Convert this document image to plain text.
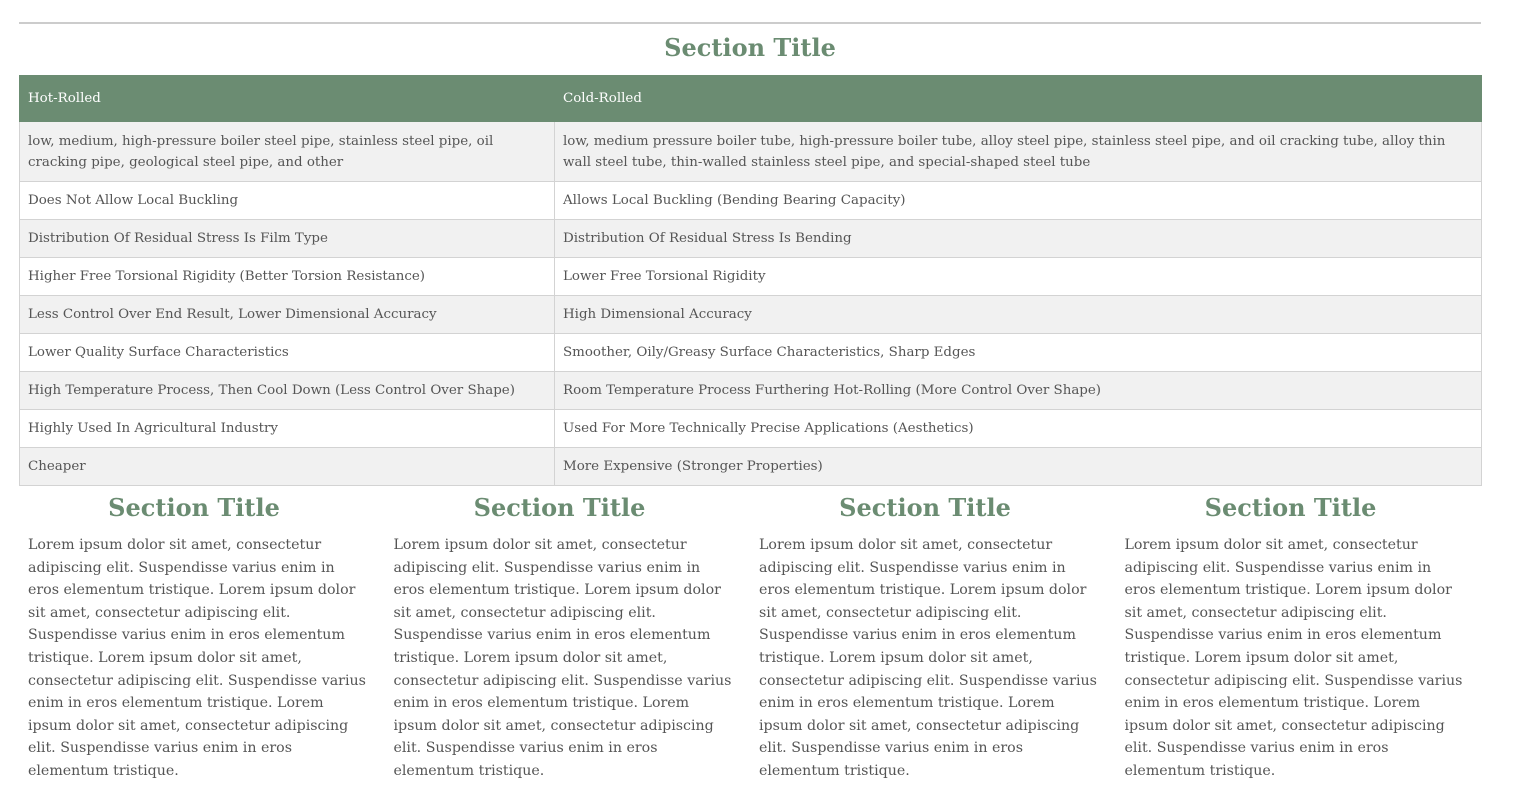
Section Title
Hot-Rolled	Cold-Rolled
low, medium, high-pressure boiler steel pipe, stainless steel pipe, oil cracking pipe, geological steel pipe, and other	low, medium pressure boiler tube, high-pressure boiler tube, alloy steel pipe, stainless steel pipe, and oil cracking tube, alloy thin wall steel tube, thin-walled stainless steel pipe, and special-shaped steel tube
Does Not Allow Local Buckling	Allows Local Buckling (Bending Bearing Capacity)
Distribution Of Residual Stress Is Film Type	Distribution Of Residual Stress Is Bending
Higher Free Torsional Rigidity (Better Torsion Resistance)	Lower Free Torsional Rigidity
Less Control Over End Result, Lower Dimensional Accuracy	High Dimensional Accuracy
Lower Quality Surface Characteristics	Smoother, Oily/Greasy Surface Characteristics, Sharp Edges
High Temperature Process, Then Cool Down (Less Control Over Shape)	Room Temperature Process Furthering Hot-Rolling (More Control Over Shape)
Highly Used In Agricultural Industry	Used For More Technically Precise Applications (Aesthetics)
Cheaper	More Expensive (Stronger Properties)
Section Title

Lorem ipsum dolor sit amet, consectetur adipiscing elit. Suspendisse varius enim in eros elementum tristique. Lorem ipsum dolor sit amet, consectetur adipiscing elit. Suspendisse varius enim in eros elementum tristique. Lorem ipsum dolor sit amet, consectetur adipiscing elit. Suspendisse varius enim in eros elementum tristique. Lorem ipsum dolor sit amet, consectetur adipiscing elit. Suspendisse varius enim in eros elementum tristique.

Section Title

Lorem ipsum dolor sit amet, consectetur adipiscing elit. Suspendisse varius enim in eros elementum tristique. Lorem ipsum dolor sit amet, consectetur adipiscing elit. Suspendisse varius enim in eros elementum tristique. Lorem ipsum dolor sit amet, consectetur adipiscing elit. Suspendisse varius enim in eros elementum tristique. Lorem ipsum dolor sit amet, consectetur adipiscing elit. Suspendisse varius enim in eros elementum tristique.

Section Title

Lorem ipsum dolor sit amet, consectetur adipiscing elit. Suspendisse varius enim in eros elementum tristique. Lorem ipsum dolor sit amet, consectetur adipiscing elit. Suspendisse varius enim in eros elementum tristique. Lorem ipsum dolor sit amet, consectetur adipiscing elit. Suspendisse varius enim in eros elementum tristique. Lorem ipsum dolor sit amet, consectetur adipiscing elit. Suspendisse varius enim in eros elementum tristique.

Section Title

Lorem ipsum dolor sit amet, consectetur adipiscing elit. Suspendisse varius enim in eros elementum tristique. Lorem ipsum dolor sit amet, consectetur adipiscing elit. Suspendisse varius enim in eros elementum tristique. Lorem ipsum dolor sit amet, consectetur adipiscing elit. Suspendisse varius enim in eros elementum tristique. Lorem ipsum dolor sit amet, consectetur adipiscing elit. Suspendisse varius enim in eros elementum tristique.
